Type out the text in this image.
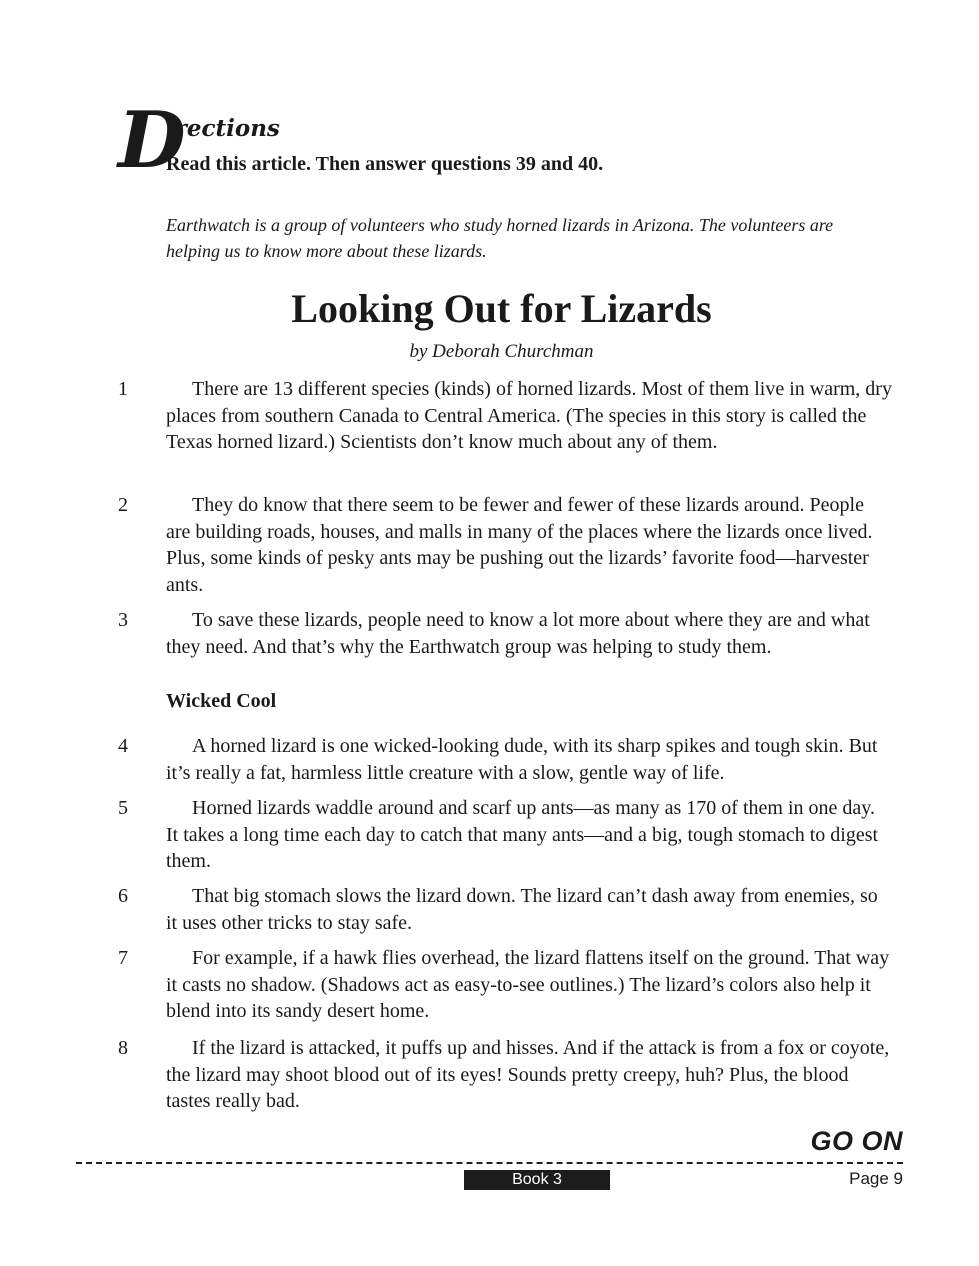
D
irections
Read this article. Then answer questions 39 and 40.
Earthwatch is a group of volunteers who study horned lizards in Arizona. The volunteers are helping us to know more about these lizards.
Looking Out for Lizards
by Deborah Churchman
1	There are 13 different species (kinds) of horned lizards. Most of them live in warm, dry places from southern Canada to Central America. (The species in this story is called the Texas horned lizard.) Scientists don’t know much about any of them.
2	They do know that there seem to be fewer and fewer of these lizards around. People are building roads, houses, and malls in many of the places where the lizards once lived. Plus, some kinds of pesky ants may be pushing out the lizards’ favorite food—harvester ants.
3	To save these lizards, people need to know a lot more about where they are and what they need. And that’s why the Earthwatch group was helping to study them.
Wicked Cool
4	A horned lizard is one wicked-looking dude, with its sharp spikes and tough skin. But it’s really a fat, harmless little creature with a slow, gentle way of life.
5	Horned lizards waddle around and scarf up ants—as many as 170 of them in one day. It takes a long time each day to catch that many ants—and a big, tough stomach to digest them.
6	That big stomach slows the lizard down. The lizard can’t dash away from enemies, so it uses other tricks to stay safe.
7	For example, if a hawk flies overhead, the lizard flattens itself on the ground. That way it casts no shadow. (Shadows act as easy-to-see outlines.) The lizard’s colors also help it blend into its sandy desert home.
8	If the lizard is attacked, it puffs up and hisses. And if the attack is from a fox or coyote, the lizard may shoot blood out of its eyes! Sounds pretty creepy, huh? Plus, the blood tastes really bad.
GO ON
Book 3	Page 9
